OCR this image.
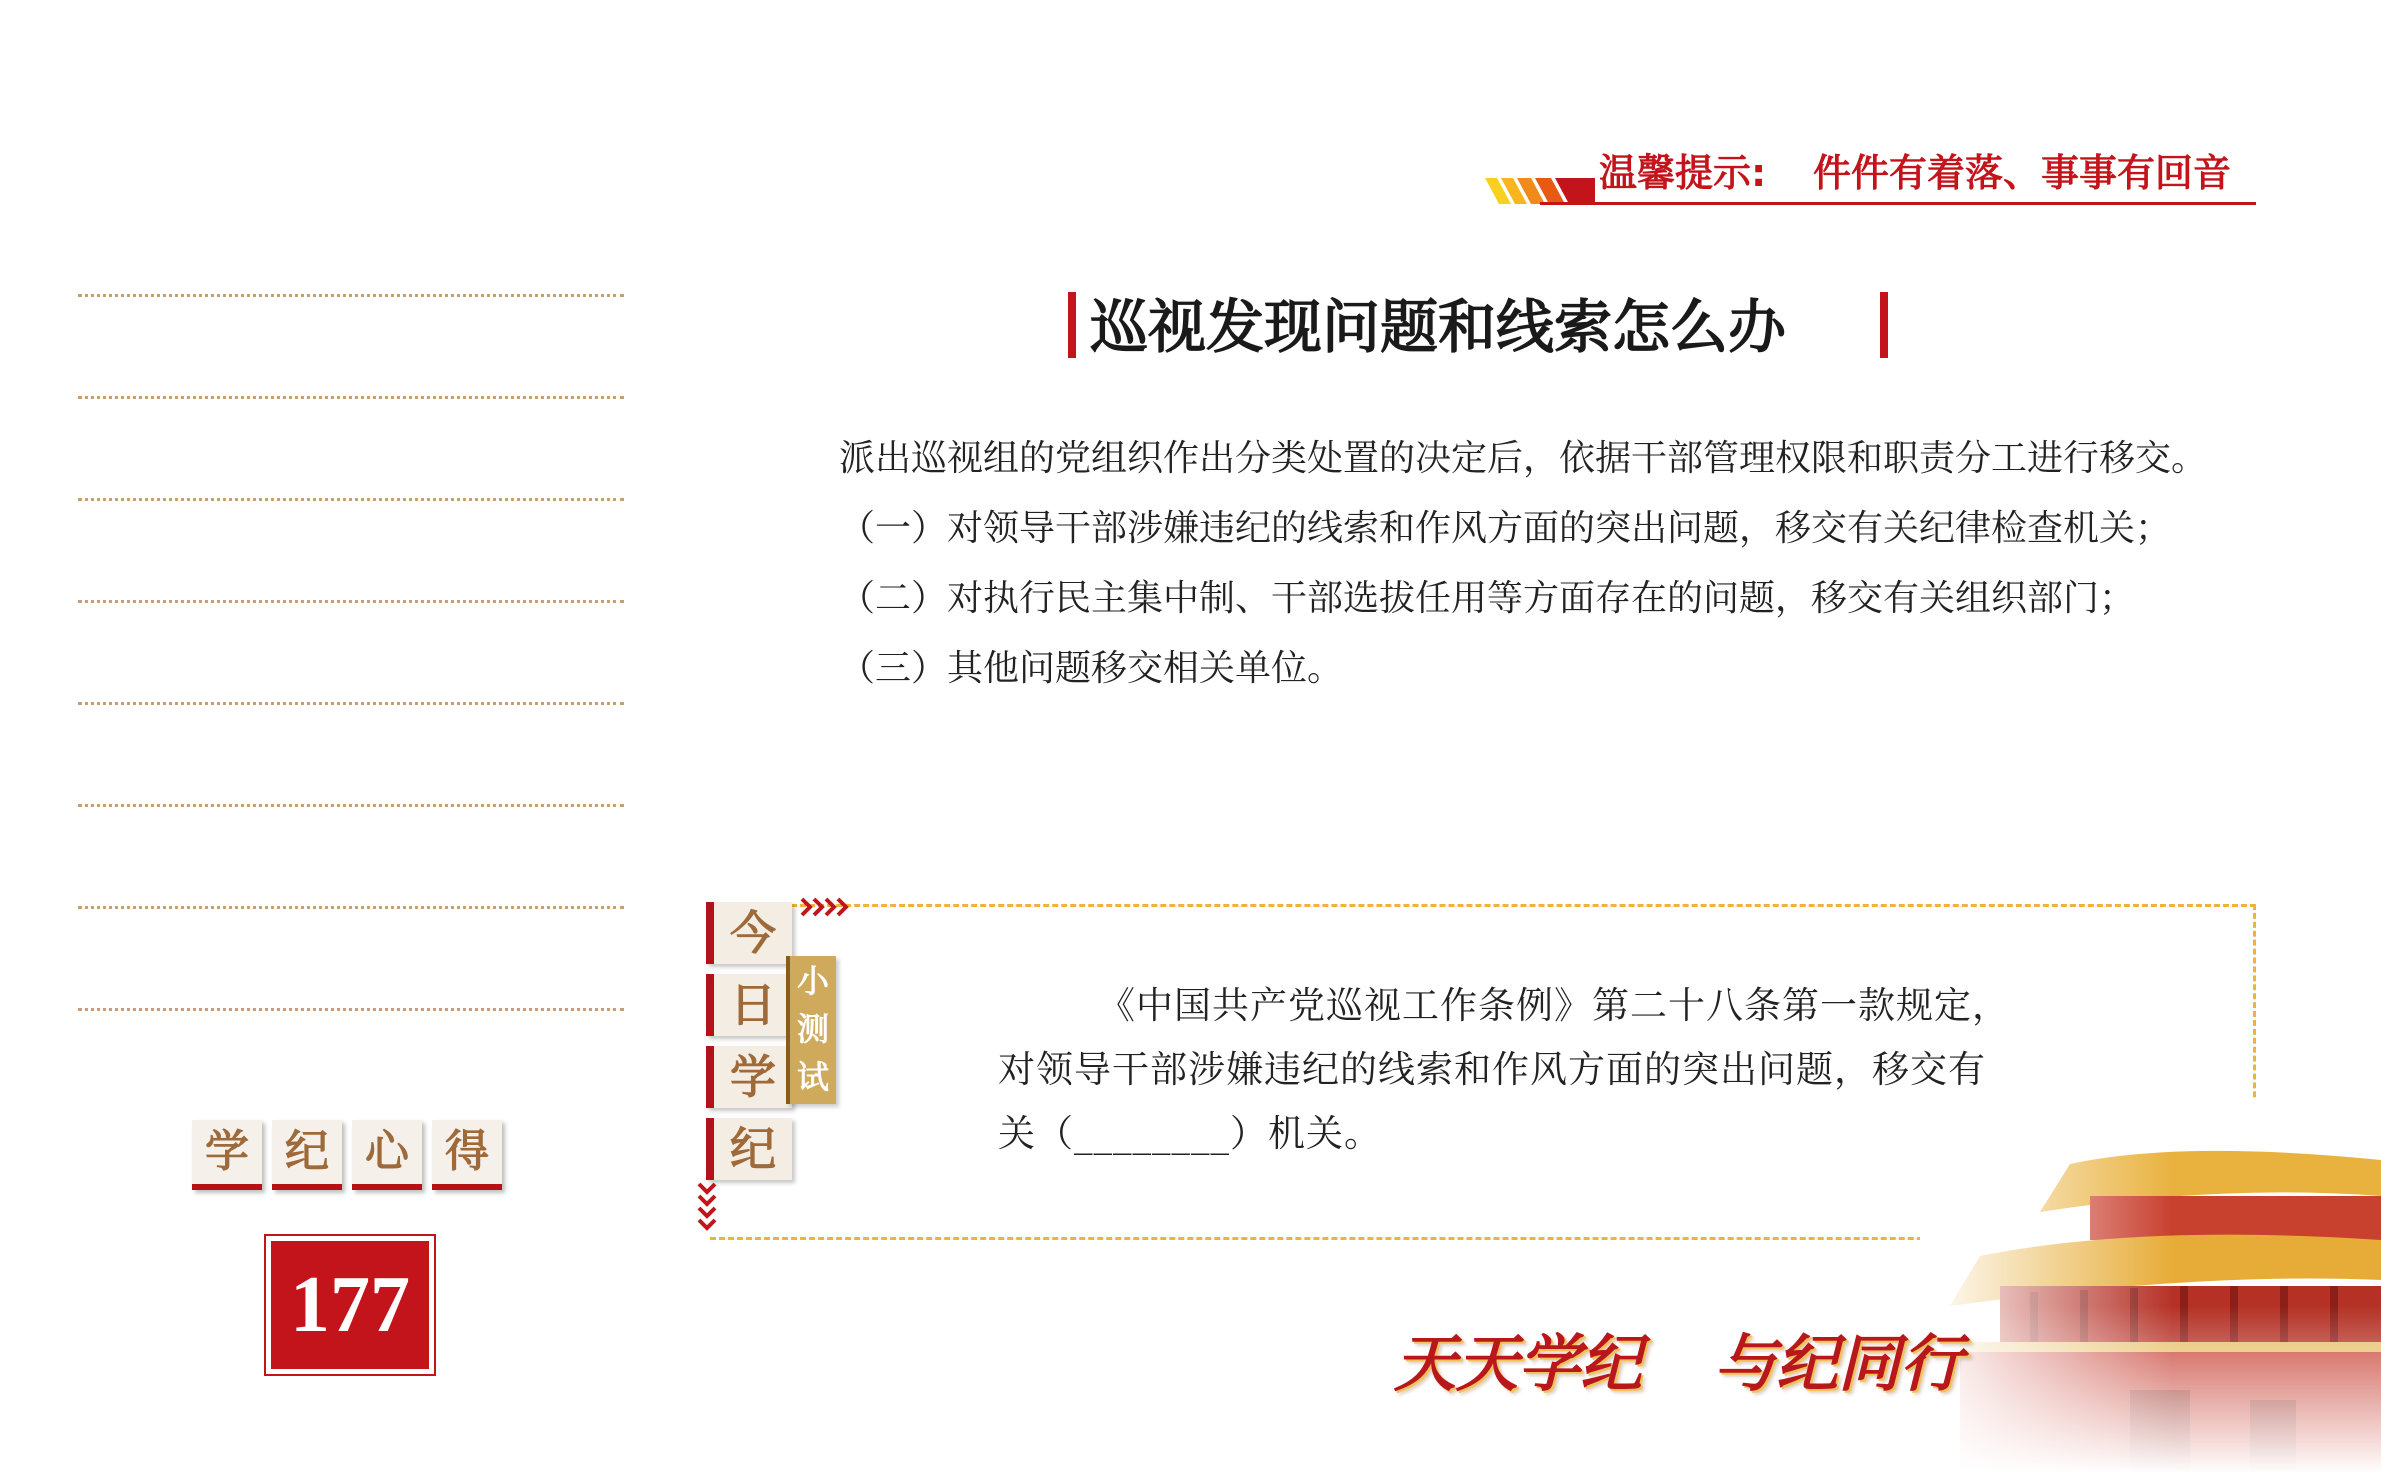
温馨提示: 件件有着落、事事有回音
学 纪 心 得
177
巡视发现问题和线索怎么办

派出巡视组的党组织作出分类处置的决定后，依据干部管理权限和职责分工进行移交。

（一）对领导干部涉嫌违纪的线索和作风方面的突出问题，移交有关纪律检查机关；

（二）对执行民主集中制、干部选拔任用等方面存在的问题，移交有关组织部门；

（三）其他问题移交相关单位。

今
日
学
纪
小
测
试

《中国共产党巡视工作条例》第二十八条第一款规定，

对领导干部涉嫌违纪的线索和作风方面的突出问题，移交有

关（________）机关。

天天学纪 与纪同行
